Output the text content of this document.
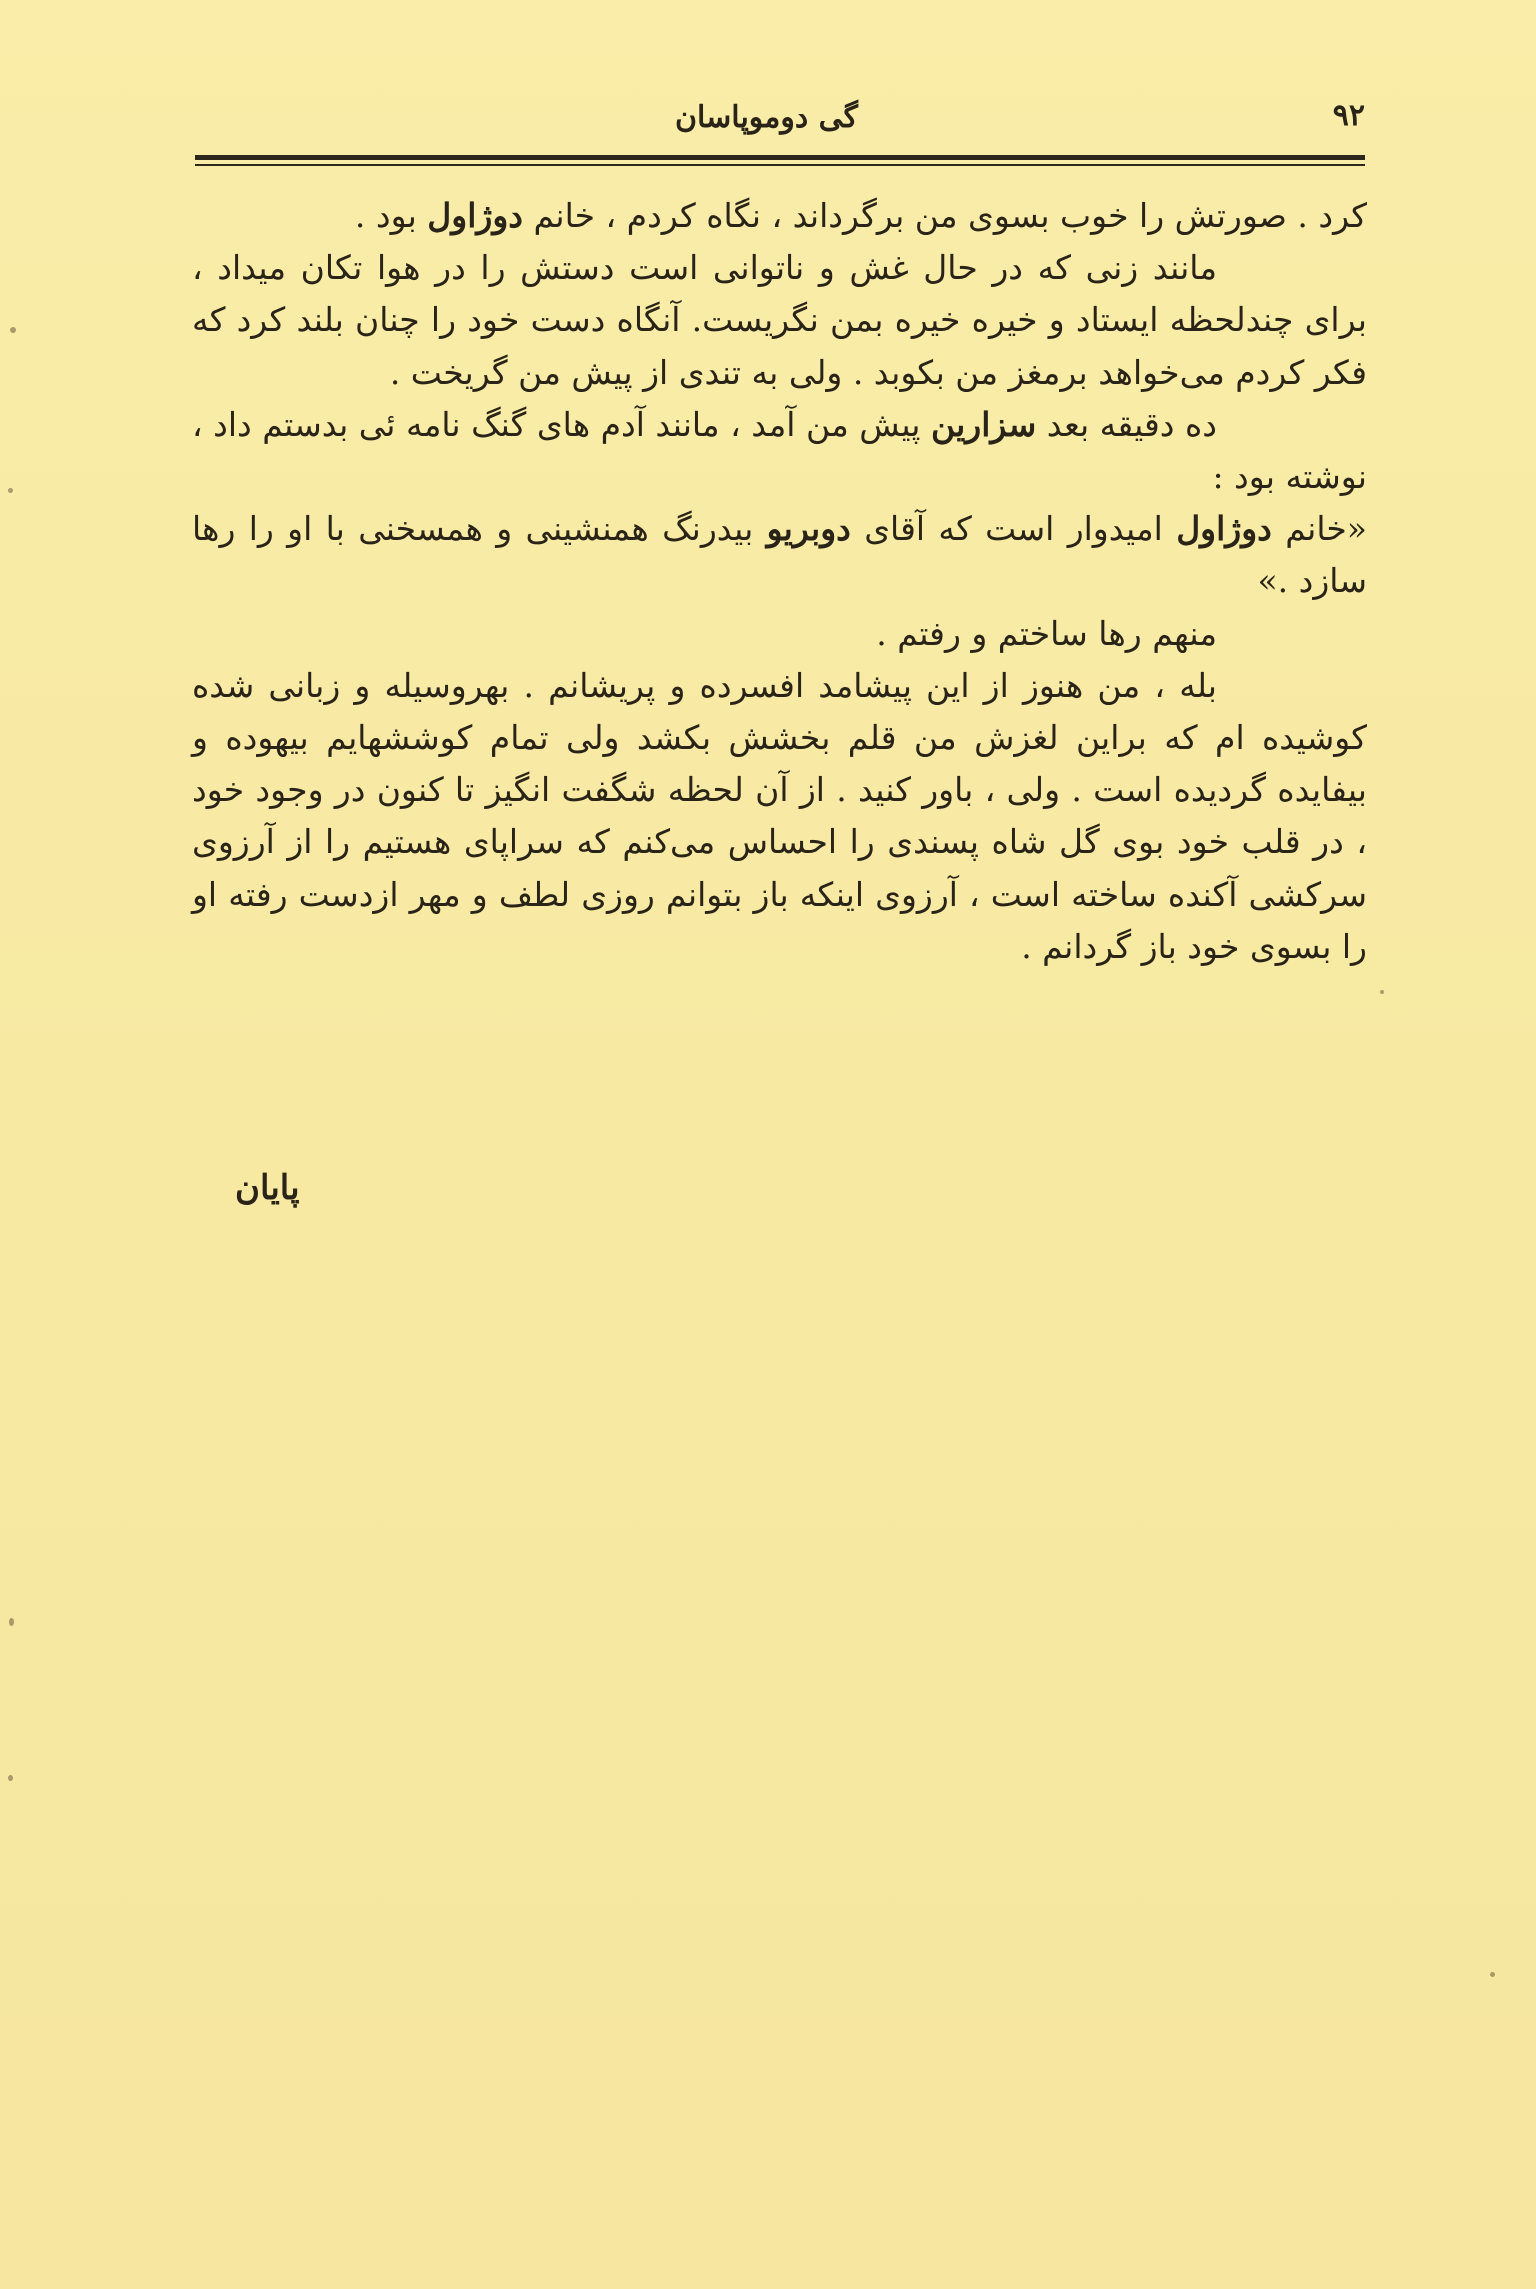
۹۲
گی دوموپاسان

کرد . صورتش را خوب بسوی من برگرداند ، نگاه کردم ، خانم دوژاول بود .

مانند زنی که در حال غش و ناتوانی است دستش را در هوا تکان میداد ، برای چندلحظه ایستاد و خیره خیره بمن نگریست. آنگاه دست خود را چنان بلند کرد که فکر کردم می‌خواهد برمغز من بکوبد . ولی به تندی از پیش من گریخت .

ده دقیقه بعد سزارین پیش من آمد ، مانند آدم های گنگ نامه ئی بدستم داد ، نوشته بود :

«خانم دوژاول امیدوار است که آقای دوبریو بیدرنگ همنشینی و همسخنی با او را رها سازد .»

منهم رها ساختم و رفتم .

بله ، من هنوز از این پیشامد افسرده و پریشانم . بهروسیله و زبانی شده کوشیده ام که براین لغزش من قلم بخشش بکشد ولی تمام کوششهایم بیهوده و بیفایده گردیده است . ولی ، باور کنید . از آن لحظه شگفت انگیز تا کنون در وجود خود ، در قلب خود بوی گل شاه پسندی را احساس می‌کنم که سراپای هستیم را از آرزوی سرکشی آکنده ساخته است ، آرزوی اینکه باز بتوانم روزی لطف و مهر ازدست رفته او را بسوی خود باز گردانم .

پایان
